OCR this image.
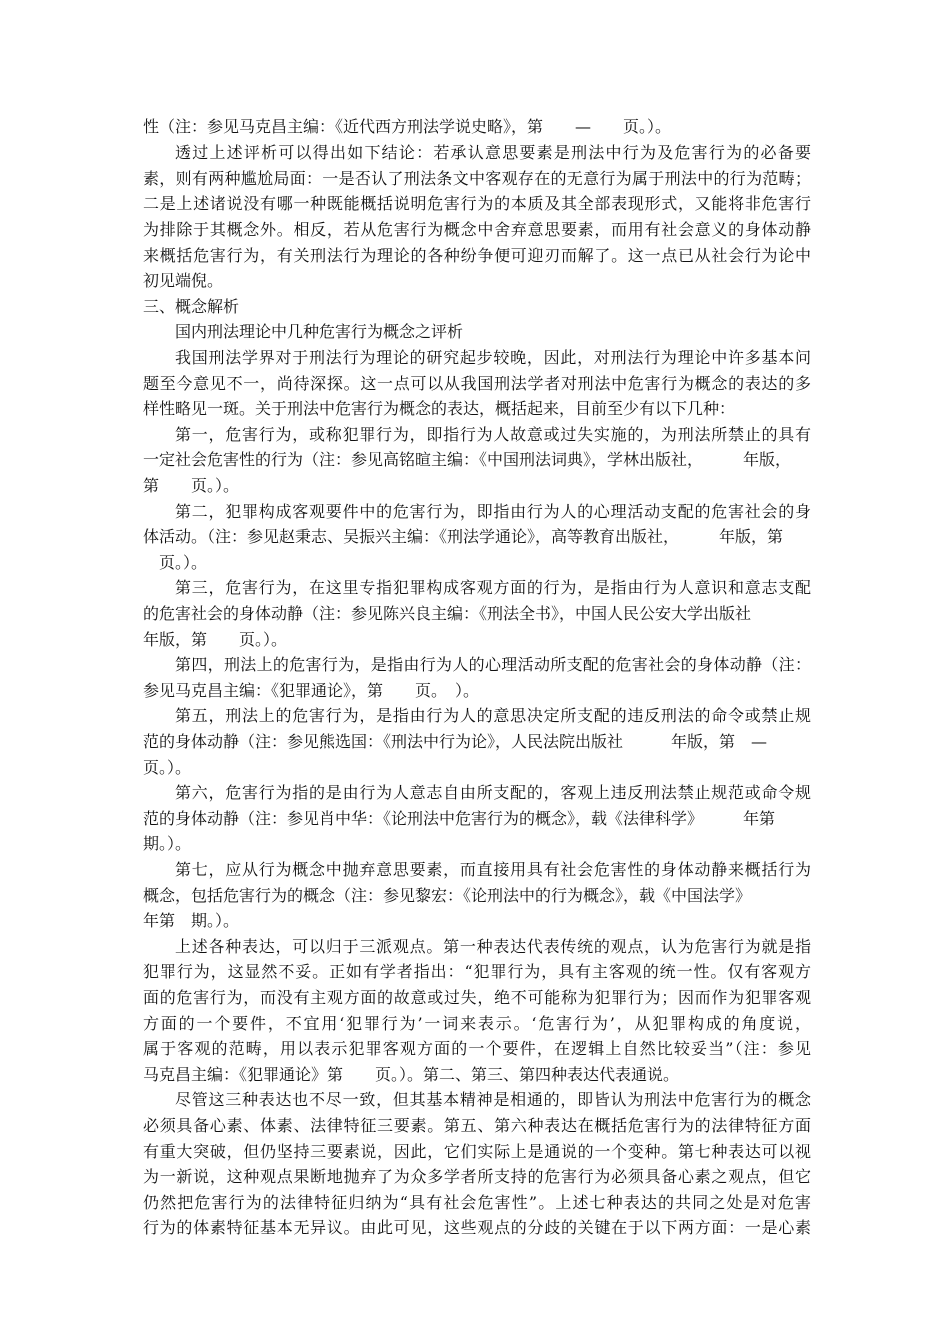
性（注：参见马克昌主编：《近代西方刑法学说史略》，第　　—　　页。）。
透过上述评析可以得出如下结论：若承认意思要素是刑法中行为及危害行为的必备要
素，则有两种尴尬局面：一是否认了刑法条文中客观存在的无意行为属于刑法中的行为范畴；
二是上述诸说没有哪一种既能概括说明危害行为的本质及其全部表现形式，又能将非危害行
为排除于其概念外。相反，若从危害行为概念中舍弃意思要素，而用有社会意义的身体动静
来概括危害行为，有关刑法行为理论的各种纷争便可迎刃而解了。这一点已从社会行为论中
初见端倪。
三、概念解析
国内刑法理论中几种危害行为概念之评析
我国刑法学界对于刑法行为理论的研究起步较晚，因此，对刑法行为理论中许多基本问
题至今意见不一，尚待深探。这一点可以从我国刑法学者对刑法中危害行为概念的表达的多
样性略见一斑。关于刑法中危害行为概念的表达，概括起来，目前至少有以下几种：
第一，危害行为，或称犯罪行为，即指行为人故意或过失实施的，为刑法所禁止的具有
一定社会危害性的行为（注：参见高铭暄主编：《中国刑法词典》，学林出版社，　　　年版，
第　　页。）。
第二，犯罪构成客观要件中的危害行为，即指由行为人的心理活动支配的危害社会的身
体活动。（注：参见赵秉志、吴振兴主编：《刑法学通论》，高等教育出版社，　　　年版，第
　页。）。
第三，危害行为，在这里专指犯罪构成客观方面的行为，是指由行为人意识和意志支配
的危害社会的身体动静（注：参见陈兴良主编：《刑法全书》，中国人民公安大学出版社
年版，第　　页。）。
第四，刑法上的危害行为，是指由行为人的心理活动所支配的危害社会的身体动静（注：
参见马克昌主编：《犯罪通论》，第　　页。　）。
第五，刑法上的危害行为，是指由行为人的意思决定所支配的违反刑法的命令或禁止规
范的身体动静（注：参见熊选国：《刑法中行为论》，人民法院出版社　　　年版，第　—
页。）。
第六，危害行为指的是由行为人意志自由所支配的，客观上违反刑法禁止规范或命令规
范的身体动静（注：参见肖中华：《论刑法中危害行为的概念》，载《法律科学》　　　年第
期。）。
第七，应从行为概念中抛弃意思要素，而直接用具有社会危害性的身体动静来概括行为
概念，包括危害行为的概念（注：参见黎宏：《论刑法中的行为概念》，载《中国法学》
年第　期。）。
上述各种表达，可以归于三派观点。第一种表达代表传统的观点，认为危害行为就是指
犯罪行为，这显然不妥。正如有学者指出：“犯罪行为，具有主客观的统一性。仅有客观方
面的危害行为，而没有主观方面的故意或过失，绝不可能称为犯罪行为；因而作为犯罪客观
方面的一个要件，不宜用‘犯罪行为’一词来表示。‘危害行为’，从犯罪构成的角度说，
属于客观的范畴，用以表示犯罪客观方面的一个要件，在逻辑上自然比较妥当”（注：参见
马克昌主编：《犯罪通论》第　　页。）。第二、第三、第四种表达代表通说。
尽管这三种表达也不尽一致，但其基本精神是相通的，即皆认为刑法中危害行为的概念
必须具备心素、体素、法律特征三要素。第五、第六种表达在概括危害行为的法律特征方面
有重大突破，但仍坚持三要素说，因此，它们实际上是通说的一个变种。第七种表达可以视
为一新说，这种观点果断地抛弃了为众多学者所支持的危害行为必须具备心素之观点，但它
仍然把危害行为的法律特征归纳为“具有社会危害性”。上述七种表达的共同之处是对危害
行为的体素特征基本无异议。由此可见，这些观点的分歧的关键在于以下两方面：一是心素
